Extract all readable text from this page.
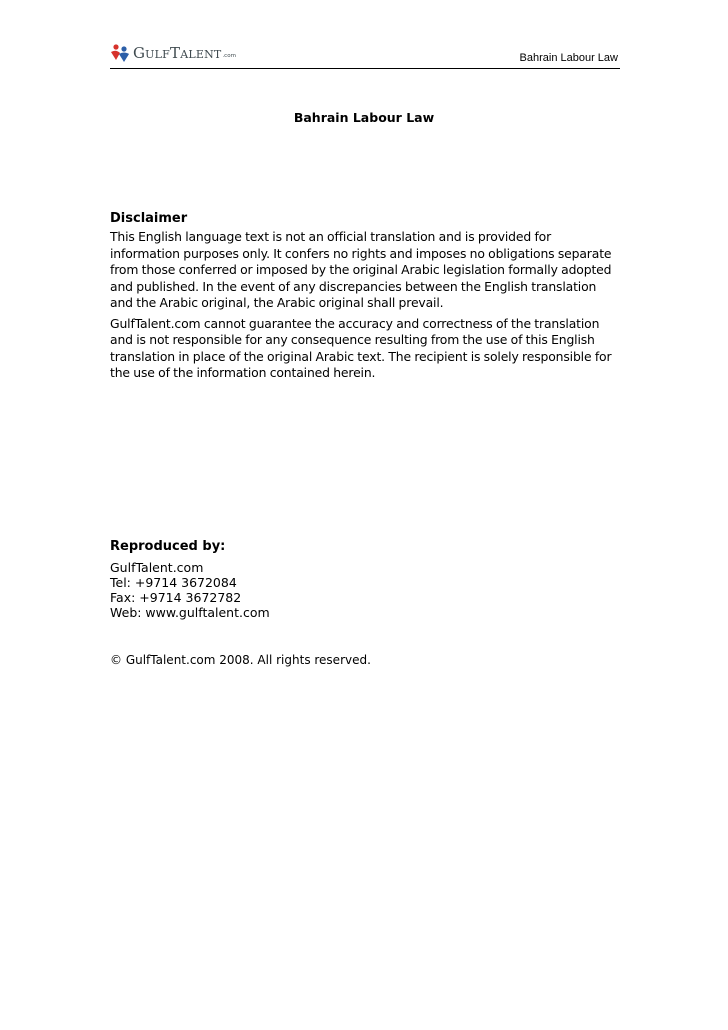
GulfTalent .com	Bahrain Labour Law
Bahrain Labour Law

Disclaimer

This English language text is not an official translation and is provided for information purposes only. It confers no rights and imposes no obligations separate from those conferred or imposed by the original Arabic legislation formally adopted and published. In the event of any discrepancies between the English translation and the Arabic original, the Arabic original shall prevail.

GulfTalent.com cannot guarantee the accuracy and correctness of the translation and is not responsible for any consequence resulting from the use of this English translation in place of the original Arabic text. The recipient is solely responsible for the use of the information contained herein.

Reproduced by:

GulfTalent.com

Tel: +9714 3672084

Fax: +9714 3672782

Web: www.gulftalent.com

© GulfTalent.com 2008. All rights reserved.
